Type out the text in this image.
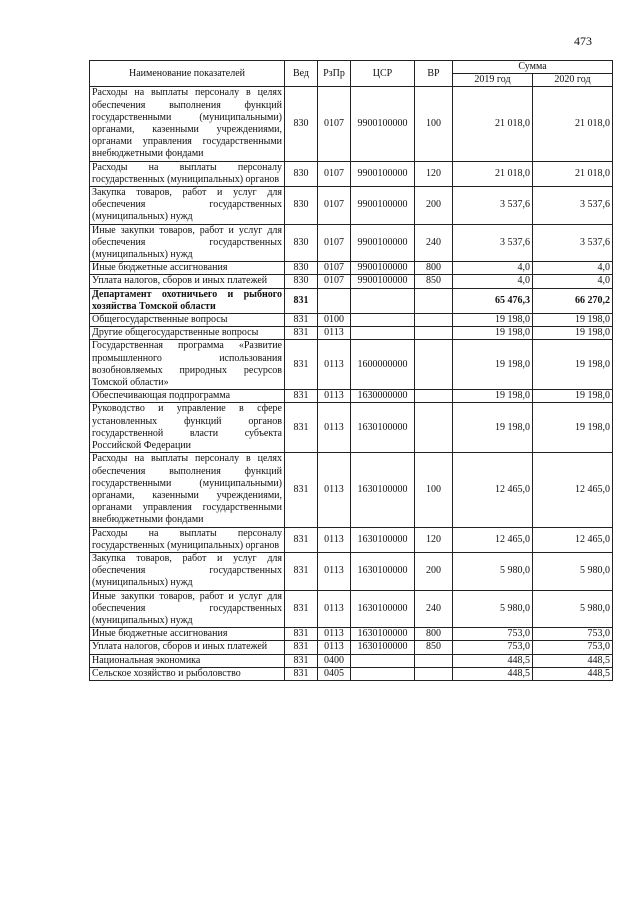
473
Наименование показателей	Вед	РзПр	ЦСР	ВР	Сумма	
					2019 год	2020 год
Расходы на выплаты персоналу в целях обеспечения выполнения функций государственными (муниципальными) органами, казенными учреждениями, органами управления государственными внебюджетными фондами	830	0107	9900100000	100	21 018,0	21 018,0
Расходы на выплаты персоналу государственных (муниципальных) органов	830	0107	9900100000	120	21 018,0	21 018,0
Закупка товаров, работ и услуг для обеспечения государственных (муниципальных) нужд	830	0107	9900100000	200	3 537,6	3 537,6
Иные закупки товаров, работ и услуг для обеспечения государственных (муниципальных) нужд	830	0107	9900100000	240	3 537,6	3 537,6
Иные бюджетные ассигнования	830	0107	9900100000	800	4,0	4,0
Уплата налогов, сборов и иных платежей	830	0107	9900100000	850	4,0	4,0
Департамент охотничьего и рыбного хозяйства Томской области	831				65 476,3	66 270,2
Общегосударственные вопросы	831	0100			19 198,0	19 198,0
Другие общегосударственные вопросы	831	0113			19 198,0	19 198,0
Государственная программа «Развитие промышленного использования возобновляемых природных ресурсов Томской области»	831	0113	1600000000		19 198,0	19 198,0
Обеспечивающая подпрограмма	831	0113	1630000000		19 198,0	19 198,0
Руководство и управление в сфере установленных функций органов государственной власти субъекта Российской Федерации	831	0113	1630100000		19 198,0	19 198,0
Расходы на выплаты персоналу в целях обеспечения выполнения функций государственными (муниципальными) органами, казенными учреждениями, органами управления государственными внебюджетными фондами	831	0113	1630100000	100	12 465,0	12 465,0
Расходы на выплаты персоналу государственных (муниципальных) органов	831	0113	1630100000	120	12 465,0	12 465,0
Закупка товаров, работ и услуг для обеспечения государственных (муниципальных) нужд	831	0113	1630100000	200	5 980,0	5 980,0
Иные закупки товаров, работ и услуг для обеспечения государственных (муниципальных) нужд	831	0113	1630100000	240	5 980,0	5 980,0
Иные бюджетные ассигнования	831	0113	1630100000	800	753,0	753,0
Уплата налогов, сборов и иных платежей	831	0113	1630100000	850	753,0	753,0
Национальная экономика	831	0400			448,5	448,5
Сельское хозяйство и рыболовство	831	0405			448,5	448,5
